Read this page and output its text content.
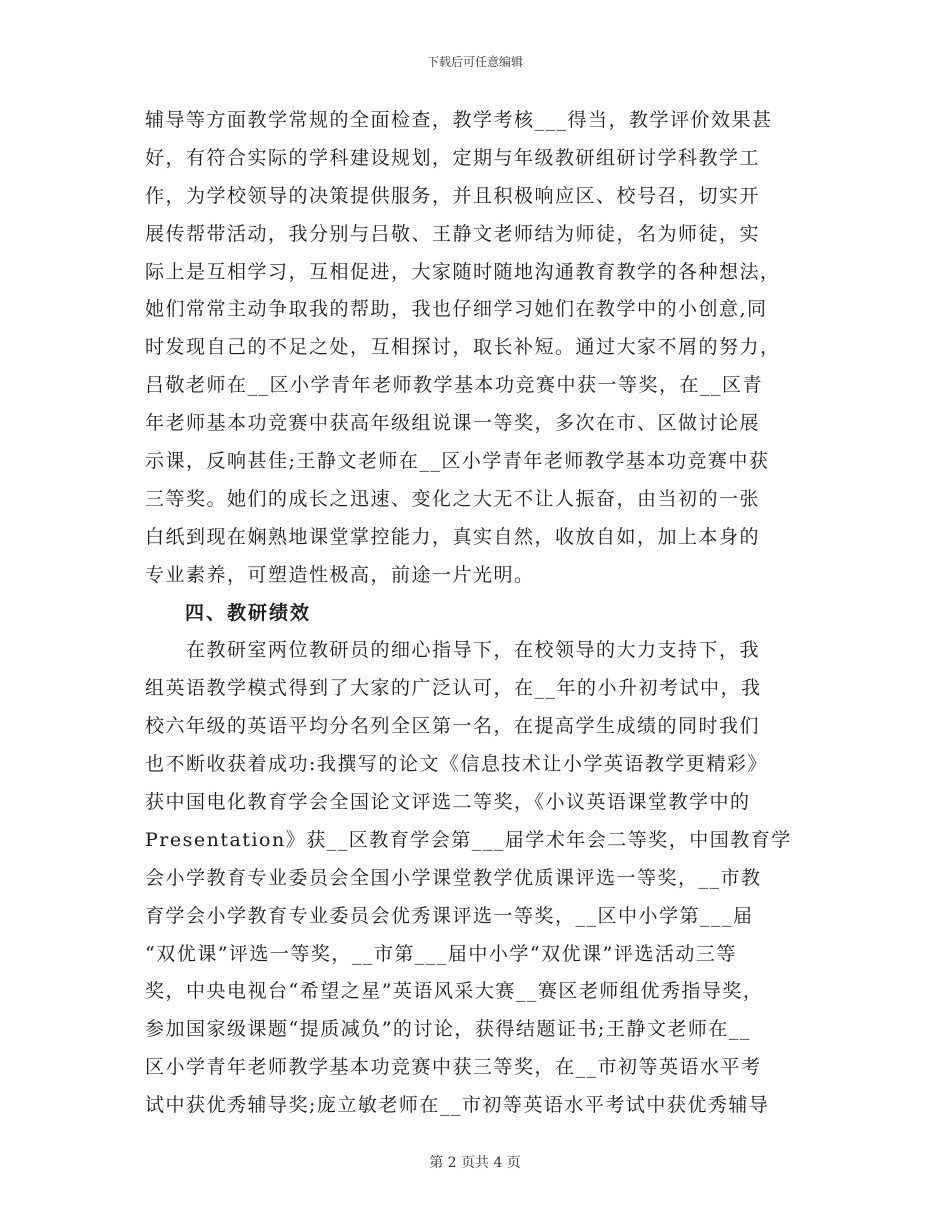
下载后可任意编辑
辅导等方面教学常规的全面检查，教学考核___得当，教学评价效果甚
好，有符合实际的学科建设规划，定期与年级教研组研讨学科教学工
作，为学校领导的决策提供服务，并且积极响应区、校号召，切实开
展传帮带活动，我分别与吕敬、王静文老师结为师徒，名为师徒，实
际上是互相学习，互相促进，大家随时随地沟通教育教学的各种想法，
她们常常主动争取我的帮助，我也仔细学习她们在教学中的小创意,同
时发现自己的不足之处，互相探讨，取长补短。通过大家不屑的努力，
吕敬老师在__区小学青年老师教学基本功竞赛中获一等奖，在__区青
年老师基本功竞赛中获高年级组说课一等奖，多次在市、区做讨论展
示课，反响甚佳;王静文老师在__区小学青年老师教学基本功竞赛中获
三等奖。她们的成长之迅速、变化之大无不让人振奋，由当初的一张
白纸到现在娴熟地课堂掌控能力，真实自然，收放自如，加上本身的
专业素养，可塑造性极高，前途一片光明。
四、教研绩效
　　在教研室两位教研员的细心指导下，在校领导的大力支持下，我
组英语教学模式得到了大家的广泛认可，在__年的小升初考试中，我
校六年级的英语平均分名列全区第一名，在提高学生成绩的同时我们
也不断收获着成功:我撰写的论文《信息技术让小学英语教学更精彩》
获中国电化教育学会全国论文评选二等奖，《小议英语课堂教学中的
Presentation》获__区教育学会第___届学术年会二等奖，中国教育学
会小学教育专业委员会全国小学课堂教学优质课评选一等奖，__市教
育学会小学教育专业委员会优秀课评选一等奖，__区中小学第___届
“双优课”评选一等奖，__市第___届中小学“双优课”评选活动三等
奖，中央电视台“希望之星”英语风采大赛__赛区老师组优秀指导奖，
参加国家级课题“提质减负”的讨论，获得结题证书;王静文老师在__
区小学青年老师教学基本功竞赛中获三等奖，在__市初等英语水平考
试中获优秀辅导奖;庞立敏老师在__市初等英语水平考试中获优秀辅导
第 2 页共 4 页
